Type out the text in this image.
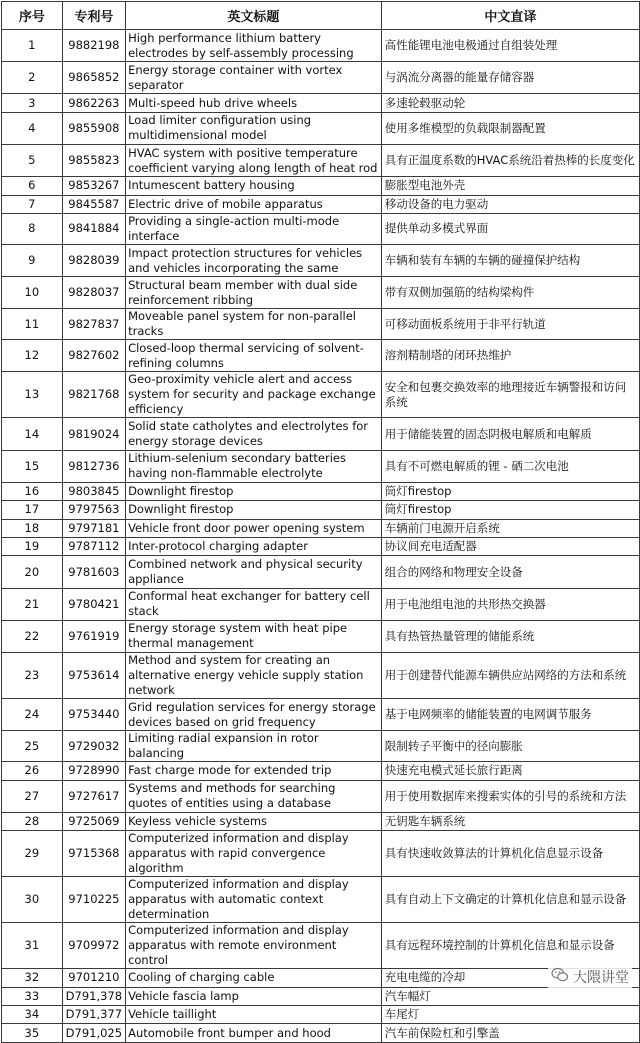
序号	专利号	英文标题	中文直译
1	9882198	High performance lithium battery electrodes by self-assembly processing	高性能锂电池电极通过自组装处理
2	9865852	Energy storage container with vortex separator	与涡流分离器的能量存储容器
3	9862263	Multi-speed hub drive wheels	多速轮毂驱动轮
4	9855908	Load limiter configuration using multidimensional model	使用多维模型的负载限制器配置
5	9855823	HVAC system with positive temperature coefficient varying along length of heat rod	具有正温度系数的HVAC系统沿着热棒的长度变化
6	9853267	Intumescent battery housing	膨胀型电池外壳
7	9845587	Electric drive of mobile apparatus	移动设备的电力驱动
8	9841884	Providing a single-action multi-mode interface	提供单动多模式界面
9	9828039	Impact protection structures for vehicles and vehicles incorporating the same	车辆和装有车辆的车辆的碰撞保护结构
10	9828037	Structural beam member with dual side reinforcement ribbing	带有双侧加强筋的结构梁构件
11	9827837	Moveable panel system for non-parallel tracks	可移动面板系统用于非平行轨道
12	9827602	Closed-loop thermal servicing of solvent-refining columns	溶剂精制塔的闭环热维护
13	9821768	Geo-proximity vehicle alert and access system for security and package exchange efficiency	安全和包裹交换效率的地理接近车辆警报和访问系统
14	9819024	Solid state catholytes and electrolytes for energy storage devices	用于储能装置的固态阴极电解质和电解质
15	9812736	Lithium-selenium secondary batteries having non-flammable electrolyte	具有不可燃电解质的锂 - 硒二次电池
16	9803845	Downlight firestop	筒灯firestop
17	9797563	Downlight firestop	筒灯firestop
18	9797181	Vehicle front door power opening system	车辆前门电源开启系统
19	9787112	Inter-protocol charging adapter	协议间充电适配器
20	9781603	Combined network and physical security appliance	组合的网络和物理安全设备
21	9780421	Conformal heat exchanger for battery cell stack	用于电池组电池的共形热交换器
22	9761919	Energy storage system with heat pipe thermal management	具有热管热量管理的储能系统
23	9753614	Method and system for creating an alternative energy vehicle supply station network	用于创建替代能源车辆供应站网络的方法和系统
24	9753440	Grid regulation services for energy storage devices based on grid frequency	基于电网频率的储能装置的电网调节服务
25	9729032	Limiting radial expansion in rotor balancing	限制转子平衡中的径向膨胀
26	9728990	Fast charge mode for extended trip	快速充电模式延长旅行距离
27	9727617	Systems and methods for searching quotes of entities using a database	用于使用数据库来搜索实体的引号的系统和方法
28	9725069	Keyless vehicle systems	无钥匙车辆系统
29	9715368	Computerized information and display apparatus with rapid convergence algorithm	具有快速收敛算法的计算机化信息显示设备
30	9710225	Computerized information and display apparatus with automatic context determination	具有自动上下文确定的计算机化信息和显示设备
31	9709972	Computerized information and display apparatus with remote environment control	具有远程环境控制的计算机化信息和显示设备
32	9701210	Cooling of charging cable	充电电缆的冷却
33	D791,378	Vehicle fascia lamp	汽车幅灯
34	D791,377	Vehicle taillight	车尾灯
35	D791,025	Automobile front bumper and hood	汽车前保险杠和引擎盖
大隈讲堂
